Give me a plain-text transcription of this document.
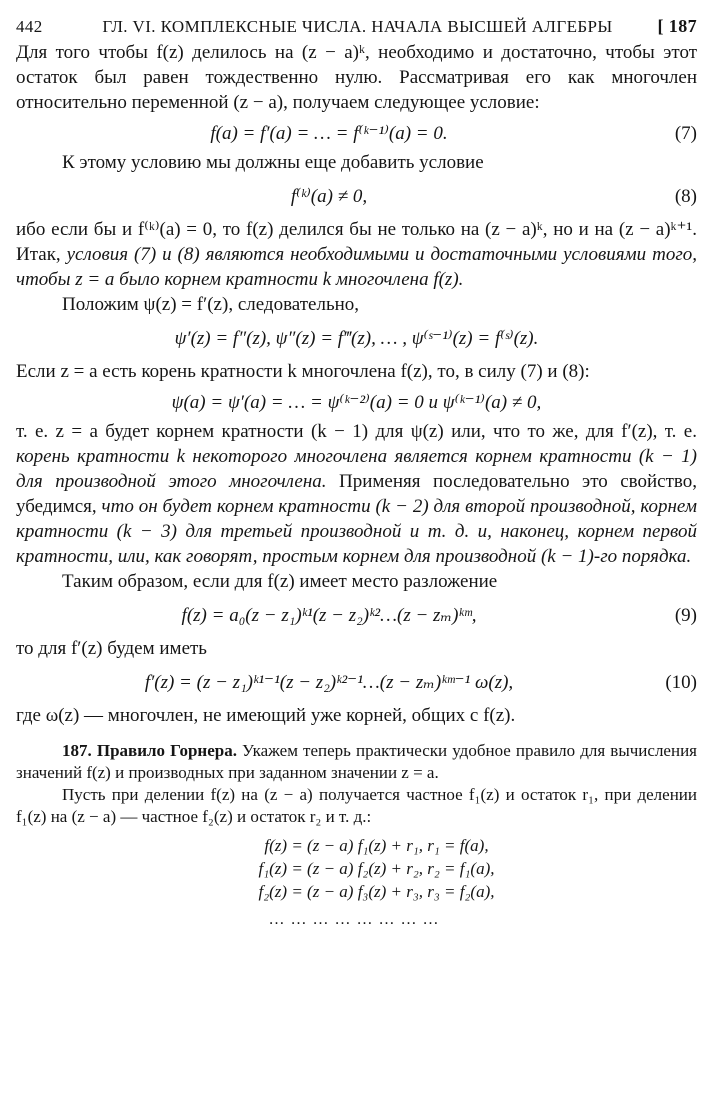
442	ГЛ. VI. КОМПЛЕКСНЫЕ ЧИСЛА. НАЧАЛА ВЫСШЕЙ АЛГЕБРЫ	[ 187

Для того чтобы f(z) делилось на (z − a)ᵏ, необходимо и достаточно, чтобы этот остаток был равен тождественно нулю. Рассматривая его как многочлен относительно переменной (z − a), получаем следующее условие:

f(a) = f′(a) = … = f⁽ᵏ⁻¹⁾(a) = 0.	(7)

К этому условию мы должны еще добавить условие

f⁽ᵏ⁾(a) ≠ 0,	(8)

ибо если бы и f⁽ᵏ⁾(a) = 0, то f(z) делился бы не только на (z − a)ᵏ, но и на (z − a)ᵏ⁺¹. Итак, условия (7) и (8) являются необходимыми и достаточными условиями того, чтобы z = a было корнем кратности k многочлена f(z).

Положим ψ(z) = f′(z), следовательно,

ψ′(z) = f″(z), ψ″(z) = f‴(z), … , ψ⁽ˢ⁻¹⁾(z) = f⁽ˢ⁾(z).

Если z = a есть корень кратности k многочлена f(z), то, в силу (7) и (8):

ψ(a) = ψ′(a) = … = ψ⁽ᵏ⁻²⁾(a) = 0 и ψ⁽ᵏ⁻¹⁾(a) ≠ 0,

т. е. z = a будет корнем кратности (k − 1) для ψ(z) или, что то же, для f′(z), т. е. корень кратности k некоторого многочлена является корнем кратности (k − 1) для производной этого многочлена. Применяя последовательно это свойство, убедимся, что он будет корнем кратности (k − 2) для второй производной, корнем кратности (k − 3) для третьей производной и т. д. и, наконец, корнем первой кратности, или, как говорят, простым корнем для производной (k − 1)-го порядка.

Таким образом, если для f(z) имеет место разложение

f(z) = a₀(z − z₁)ᵏ¹(z − z₂)ᵏ²…(z − zₘ)ᵏᵐ,	(9)

то для f′(z) будем иметь

f′(z) = (z − z₁)ᵏ¹⁻¹(z − z₂)ᵏ²⁻¹…(z − zₘ)ᵏᵐ⁻¹ ω(z),	(10)

где ω(z) — многочлен, не имеющий уже корней, общих с f(z).

187. Правило Горнера. Укажем теперь практически удобное правило для вычисления значений f(z) и производных при заданном значении z = a.

Пусть при делении f(z) на (z − a) получается частное f₁(z) и остаток r₁, при делении f₁(z) на (z − a) — частное f₂(z) и остаток r₂ и т. д.:

f(z) = (z − a) f₁(z) + r₁, r₁ = f(a),
f₁(z) = (z − a) f₂(z) + r₂, r₂ = f₁(a),
f₂(z) = (z − a) f₃(z) + r₃, r₃ = f₂(a),
……………………
